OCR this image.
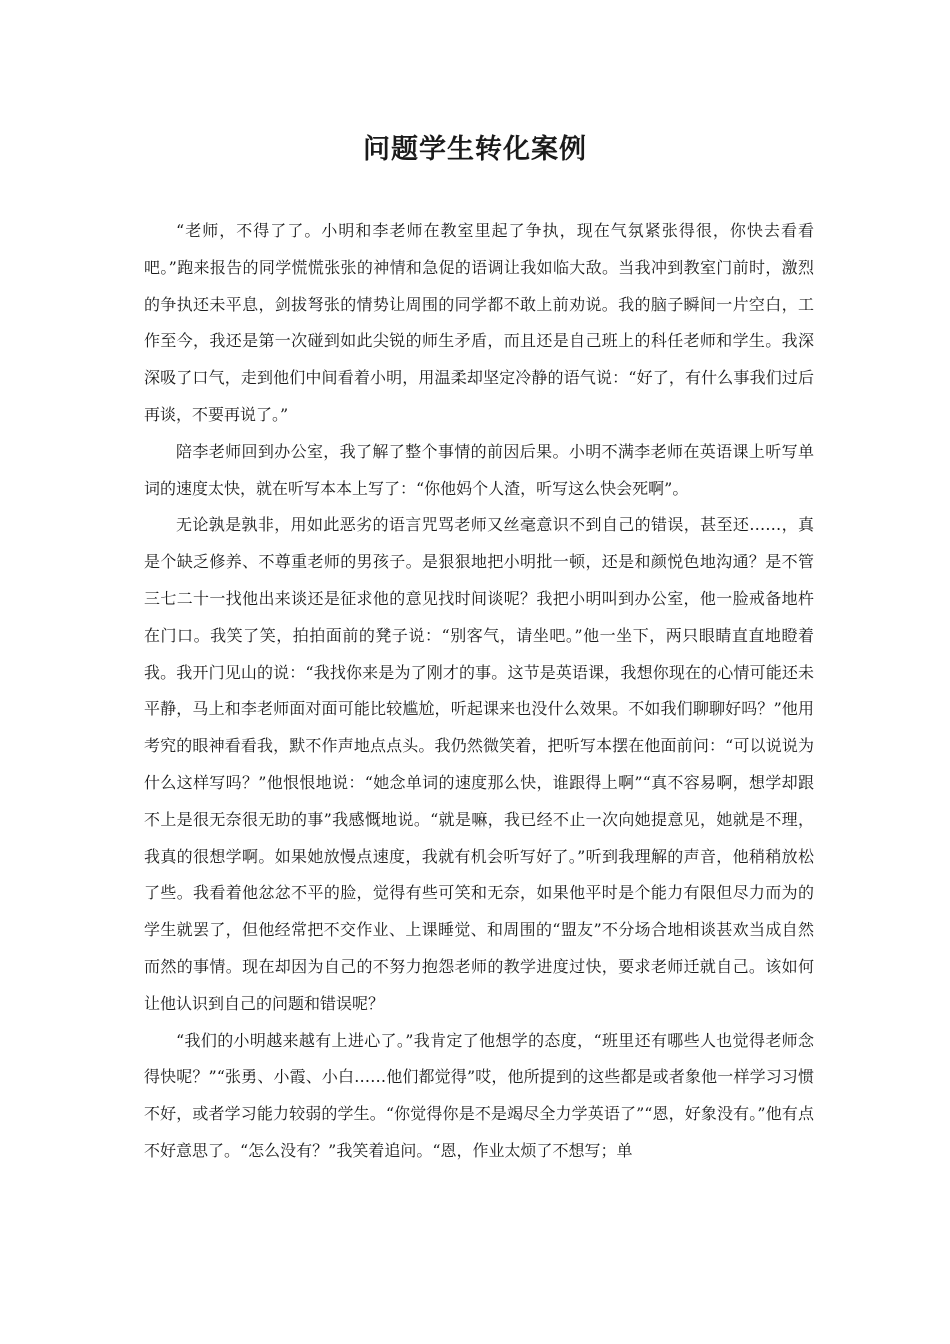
问题学生转化案例

“老师，不得了了。小明和李老师在教室里起了争执，现在气氛紧张得很，你快去看看吧。”跑来报告的同学慌慌张张的神情和急促的语调让我如临大敌。当我冲到教室门前时，激烈的争执还未平息，剑拔弩张的情势让周围的同学都不敢上前劝说。我的脑子瞬间一片空白，工作至今，我还是第一次碰到如此尖锐的师生矛盾，而且还是自己班上的科任老师和学生。我深深吸了口气，走到他们中间看着小明，用温柔却坚定冷静的语气说：“好了，有什么事我们过后再谈，不要再说了。”

陪李老师回到办公室，我了解了整个事情的前因后果。小明不满李老师在英语课上听写单词的速度太快，就在听写本本上写了：“你他妈个人渣，听写这么快会死啊”。

无论孰是孰非，用如此恶劣的语言咒骂老师又丝毫意识不到自己的错误，甚至还……，真是个缺乏修养、不尊重老师的男孩子。是狠狠地把小明批一顿，还是和颜悦色地沟通？是不管三七二十一找他出来谈还是征求他的意见找时间谈呢？我把小明叫到办公室，他一脸戒备地杵在门口。我笑了笑，拍拍面前的凳子说：“别客气，请坐吧。”他一坐下，两只眼睛直直地瞪着我。我开门见山的说：“我找你来是为了刚才的事。这节是英语课，我想你现在的心情可能还未平静，马上和李老师面对面可能比较尴尬，听起课来也没什么效果。不如我们聊聊好吗？”他用考究的眼神看看我，默不作声地点点头。我仍然微笑着，把听写本摆在他面前问：“可以说说为什么这样写吗？”他恨恨地说：“她念单词的速度那么快，谁跟得上啊”“真不容易啊，想学却跟不上是很无奈很无助的事”我感慨地说。“就是嘛，我已经不止一次向她提意见，她就是不理，我真的很想学啊。如果她放慢点速度，我就有机会听写好了。”听到我理解的声音，他稍稍放松了些。我看着他忿忿不平的脸，觉得有些可笑和无奈，如果他平时是个能力有限但尽力而为的学生就罢了，但他经常把不交作业、上课睡觉、和周围的“盟友”不分场合地相谈甚欢当成自然而然的事情。现在却因为自己的不努力抱怨老师的教学进度过快，要求老师迁就自己。该如何让他认识到自己的问题和错误呢？

“我们的小明越来越有上进心了。”我肯定了他想学的态度，“班里还有哪些人也觉得老师念得快呢？”“张勇、小霞、小白……他们都觉得”哎，他所提到的这些都是或者象他一样学习习惯不好，或者学习能力较弱的学生。“你觉得你是不是竭尽全力学英语了”“恩，好象没有。”他有点不好意思了。“怎么没有？”我笑着追问。“恩，作业太烦了不想写；单
